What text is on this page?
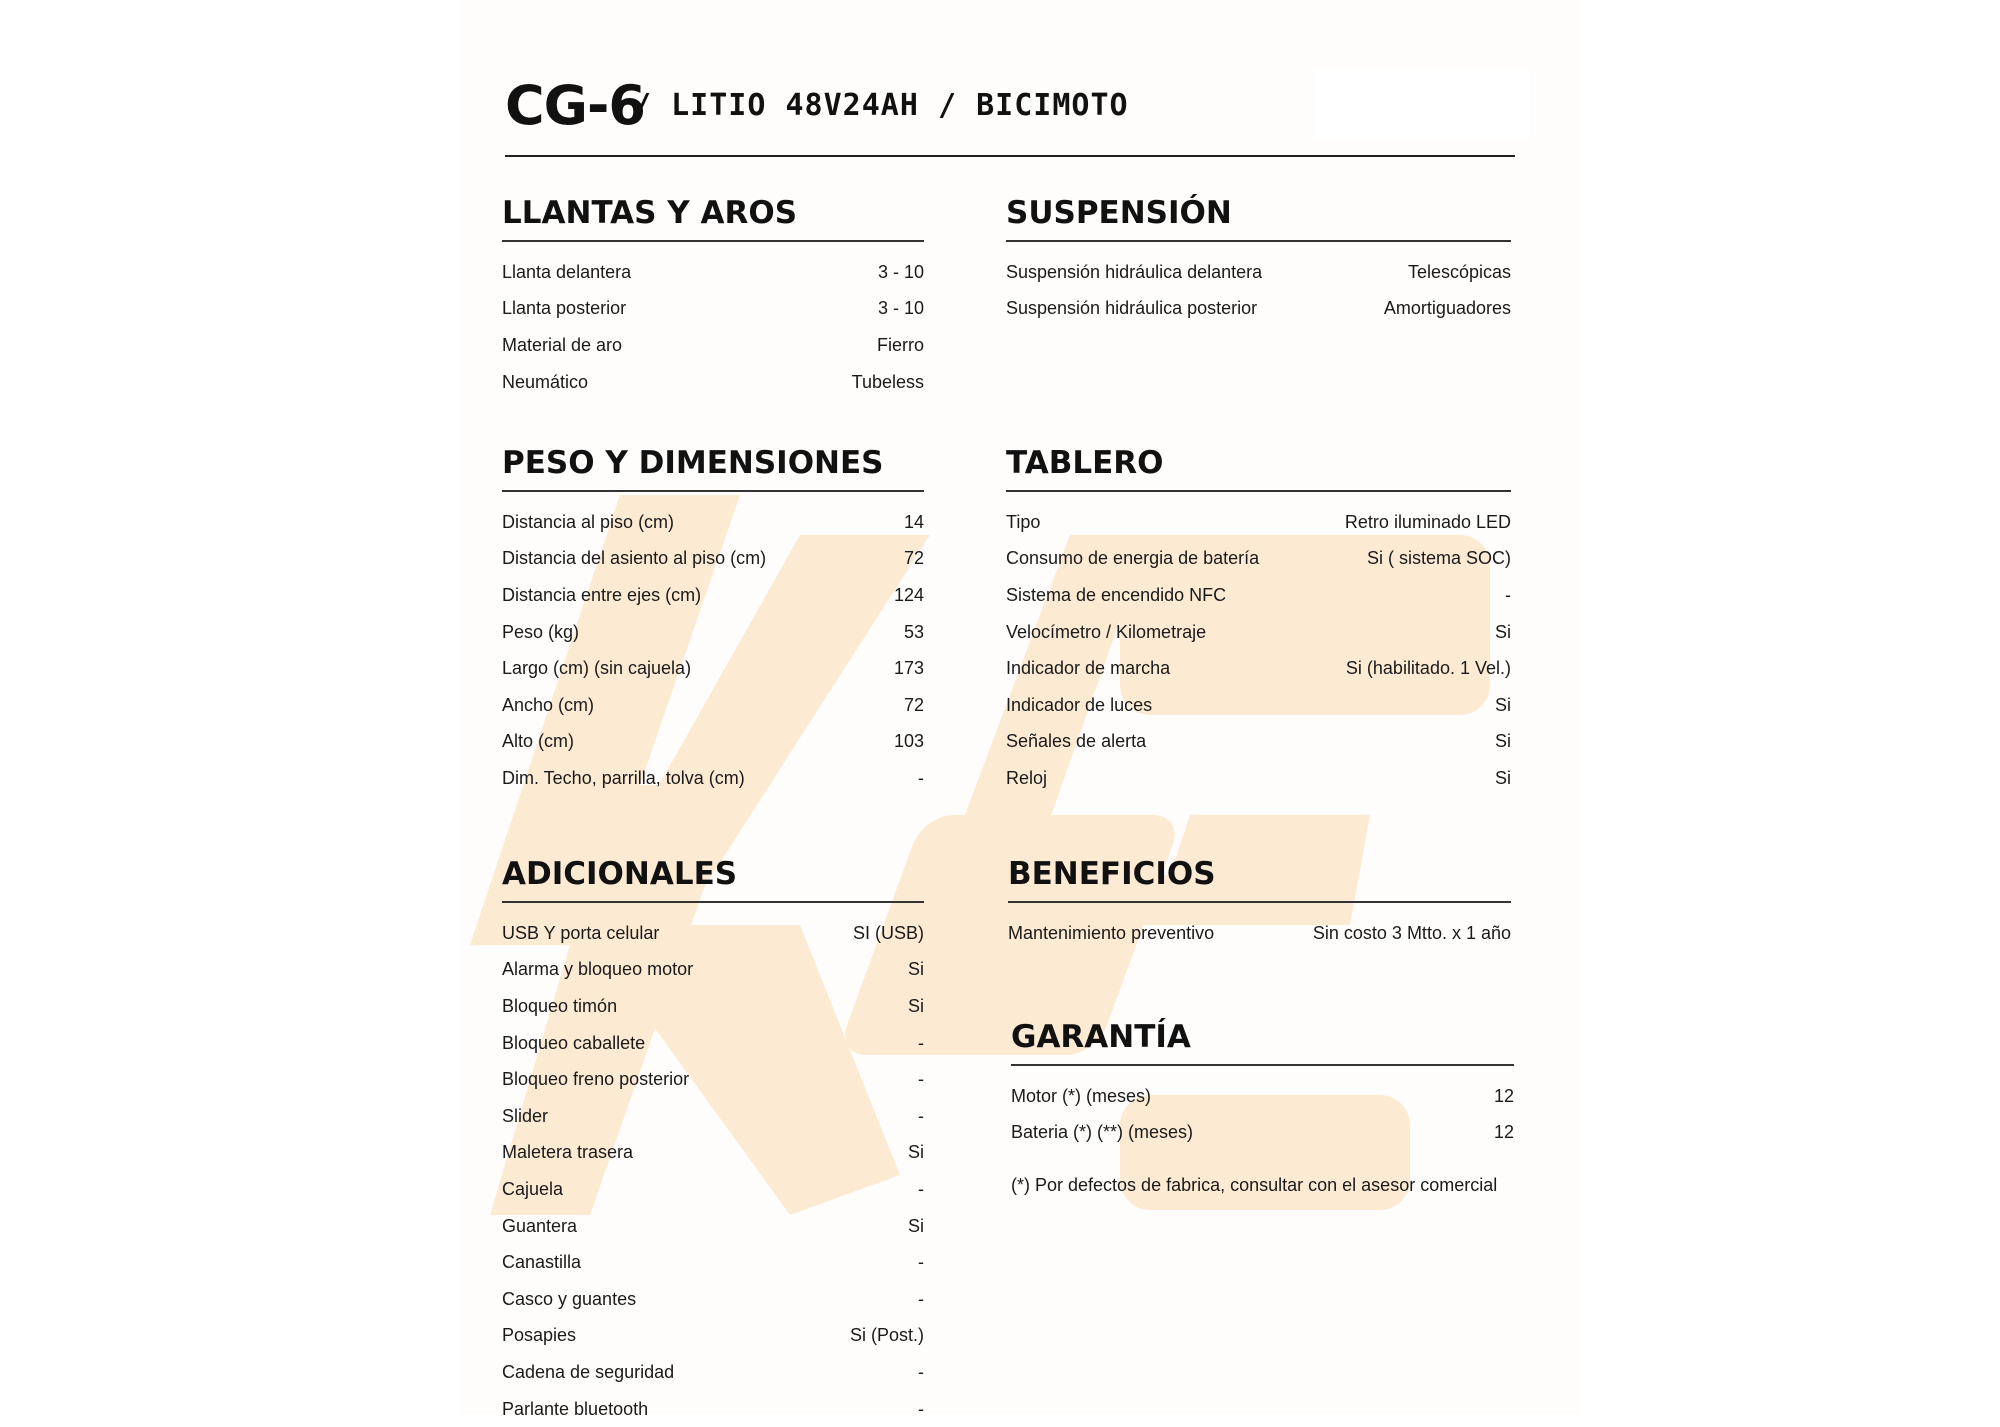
CG-6
/ LITIO 48V24AH / BICIMOTO
LLANTAS Y AROS
Llanta delantera	3 - 10
Llanta posterior	3 - 10
Material de aro	Fierro
Neumático	Tubeless
SUSPENSIÓN
Suspensión hidráulica delantera	Telescópicas
Suspensión hidráulica posterior	Amortiguadores
PESO Y DIMENSIONES
Distancia al piso (cm)	14
Distancia del asiento al piso (cm)	72
Distancia entre ejes (cm)	124
Peso (kg)	53
Largo (cm) (sin cajuela)	173
Ancho (cm)	72
Alto (cm)	103
Dim. Techo, parrilla, tolva (cm)	-
TABLERO
Tipo	Retro iluminado LED
Consumo de energia de batería	Si ( sistema SOC)
Sistema de encendido NFC	-
Velocímetro / Kilometraje	Si
Indicador de marcha	Si (habilitado. 1 Vel.)
Indicador de luces	Si
Señales de alerta	Si
Reloj	Si
ADICIONALES
USB Y porta celular	SI (USB)
Alarma y bloqueo motor	Si
Bloqueo timón	Si
Bloqueo caballete	-
Bloqueo freno posterior	-
Slider	-
Maletera trasera	Si
Cajuela	-
Guantera	Si
Canastilla	-
Casco y guantes	-
Posapies	Si (Post.)
Cadena de seguridad	-
Parlante bluetooth	-
BENEFICIOS
Mantenimiento preventivo	Sin costo 3 Mtto. x 1 año
GARANTÍA
Motor (*) (meses)	12
Bateria (*) (**) (meses)	12
(*) Por defectos de fabrica, consultar con el asesor comercial
